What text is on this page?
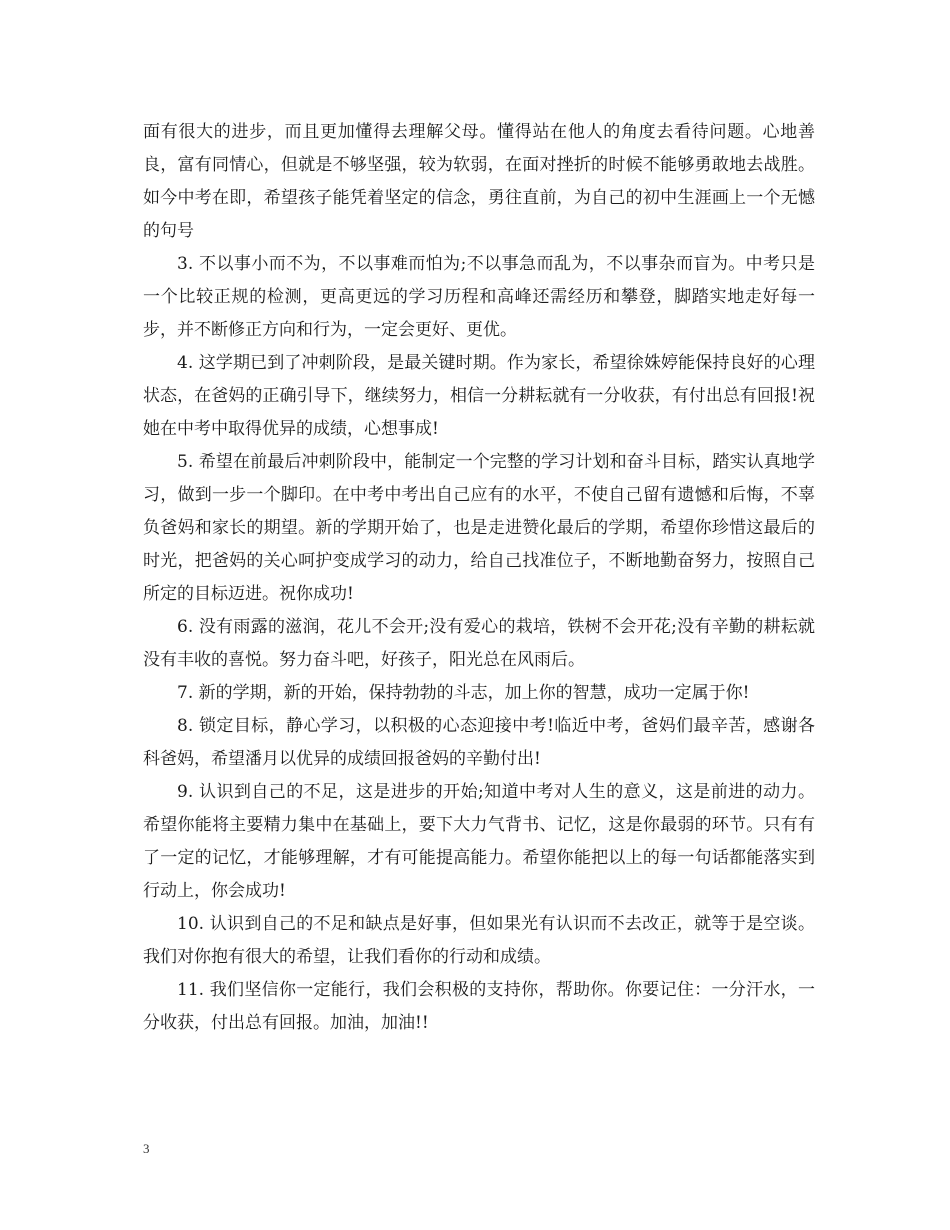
面有很大的进步，而且更加懂得去理解父母。懂得站在他人的角度去看待问题。心地善良，富有同情心，但就是不够坚强，较为软弱，在面对挫折的时候不能够勇敢地去战胜。如今中考在即，希望孩子能凭着坚定的信念，勇往直前，为自己的初中生涯画上一个无憾的句号

3. 不以事小而不为，不以事难而怕为;不以事急而乱为，不以事杂而盲为。中考只是一个比较正规的检测，更高更远的学习历程和高峰还需经历和攀登，脚踏实地走好每一步，并不断修正方向和行为，一定会更好、更优。

4. 这学期已到了冲刺阶段，是最关键时期。作为家长，希望徐姝婷能保持良好的心理状态，在爸妈的正确引导下，继续努力，相信一分耕耘就有一分收获，有付出总有回报!祝她在中考中取得优异的成绩，心想事成!

5. 希望在前最后冲刺阶段中，能制定一个完整的学习计划和奋斗目标，踏实认真地学习，做到一步一个脚印。在中考中考出自己应有的水平，不使自己留有遗憾和后悔，不辜负爸妈和家长的期望。新的学期开始了，也是走进赞化最后的学期，希望你珍惜这最后的时光，把爸妈的关心呵护变成学习的动力，给自己找准位子，不断地勤奋努力，按照自己所定的目标迈进。祝你成功!

6. 没有雨露的滋润，花儿不会开;没有爱心的栽培，铁树不会开花;没有辛勤的耕耘就没有丰收的喜悦。努力奋斗吧，好孩子，阳光总在风雨后。

7. 新的学期，新的开始，保持勃勃的斗志，加上你的智慧，成功一定属于你!

8. 锁定目标，静心学习，以积极的心态迎接中考!临近中考，爸妈们最辛苦，感谢各科爸妈，希望潘月以优异的成绩回报爸妈的辛勤付出!

9. 认识到自己的不足，这是进步的开始;知道中考对人生的意义，这是前进的动力。希望你能将主要精力集中在基础上，要下大力气背书、记忆，这是你最弱的环节。只有有了一定的记忆，才能够理解，才有可能提高能力。希望你能把以上的每一句话都能落实到行动上，你会成功!

10. 认识到自己的不足和缺点是好事，但如果光有认识而不去改正，就等于是空谈。我们对你抱有很大的希望，让我们看你的行动和成绩。

11. 我们坚信你一定能行，我们会积极的支持你，帮助你。你要记住：一分汗水，一分收获，付出总有回报。加油，加油!!

3
